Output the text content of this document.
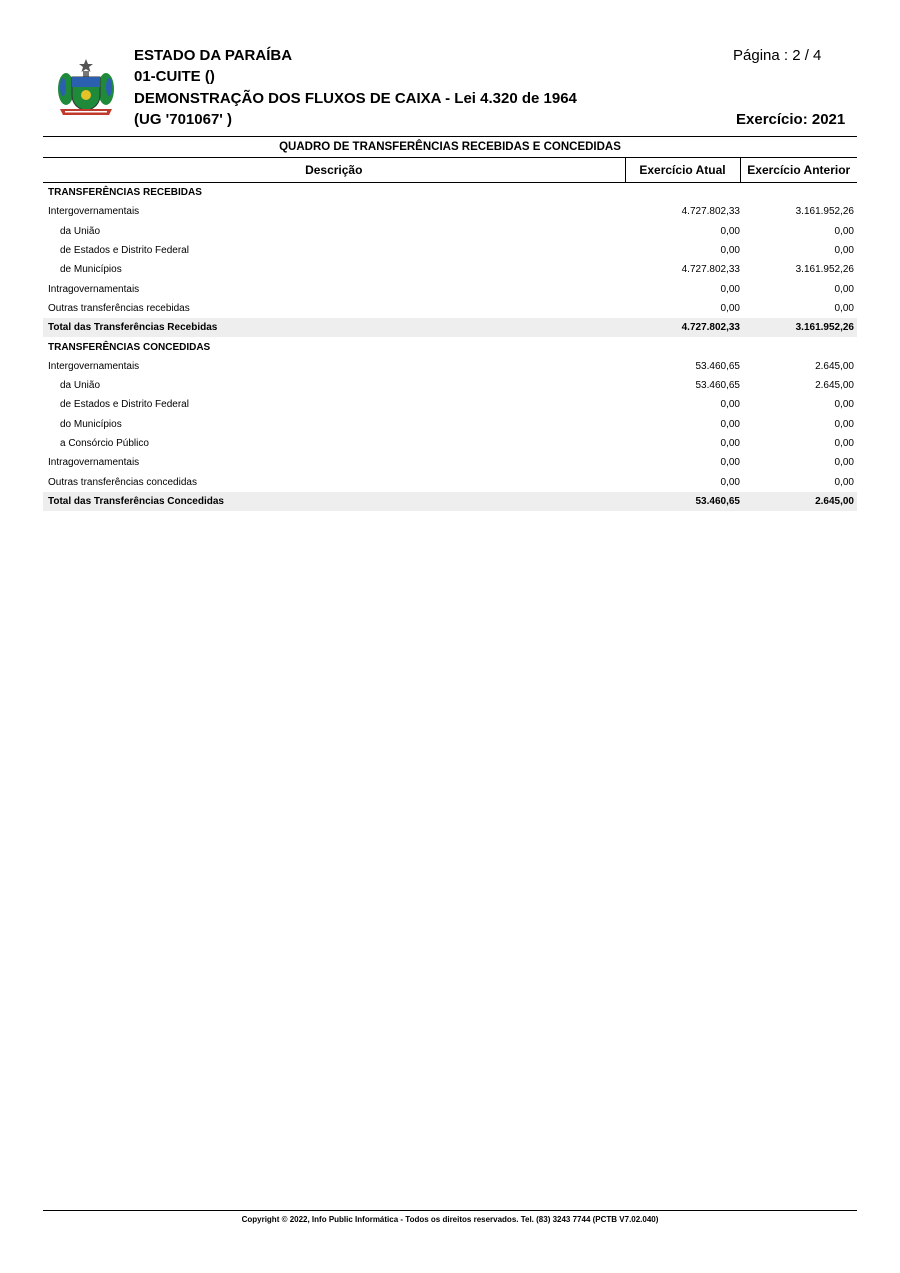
ESTADO DA PARAÍBA
01-CUITE ()
DEMONSTRAÇÃO DOS FLUXOS DE CAIXA - Lei 4.320 de 1964
(UG '701067' )
Página : 2 / 4
Exercício: 2021
QUADRO DE TRANSFERÊNCIAS RECEBIDAS E CONCEDIDAS
Descrição	Exercício Atual	Exercício Anterior
TRANSFERÊNCIAS RECEBIDAS		
Intergovernamentais	4.727.802,33	3.161.952,26
da União	0,00	0,00
de Estados e Distrito Federal	0,00	0,00
de Municípios	4.727.802,33	3.161.952,26
Intragovernamentais	0,00	0,00
Outras transferências recebidas	0,00	0,00
Total das Transferências Recebidas	4.727.802,33	3.161.952,26
TRANSFERÊNCIAS CONCEDIDAS		
Intergovernamentais	53.460,65	2.645,00
da União	53.460,65	2.645,00
de Estados e Distrito Federal	0,00	0,00
do Municípios	0,00	0,00
a Consórcio Público	0,00	0,00
Intragovernamentais	0,00	0,00
Outras transferências concedidas	0,00	0,00
Total das Transferências Concedidas	53.460,65	2.645,00
Copyright © 2022, Info Public Informática - Todos os direitos reservados. Tel. (83) 3243 7744 (PCTB V7.02.040)
